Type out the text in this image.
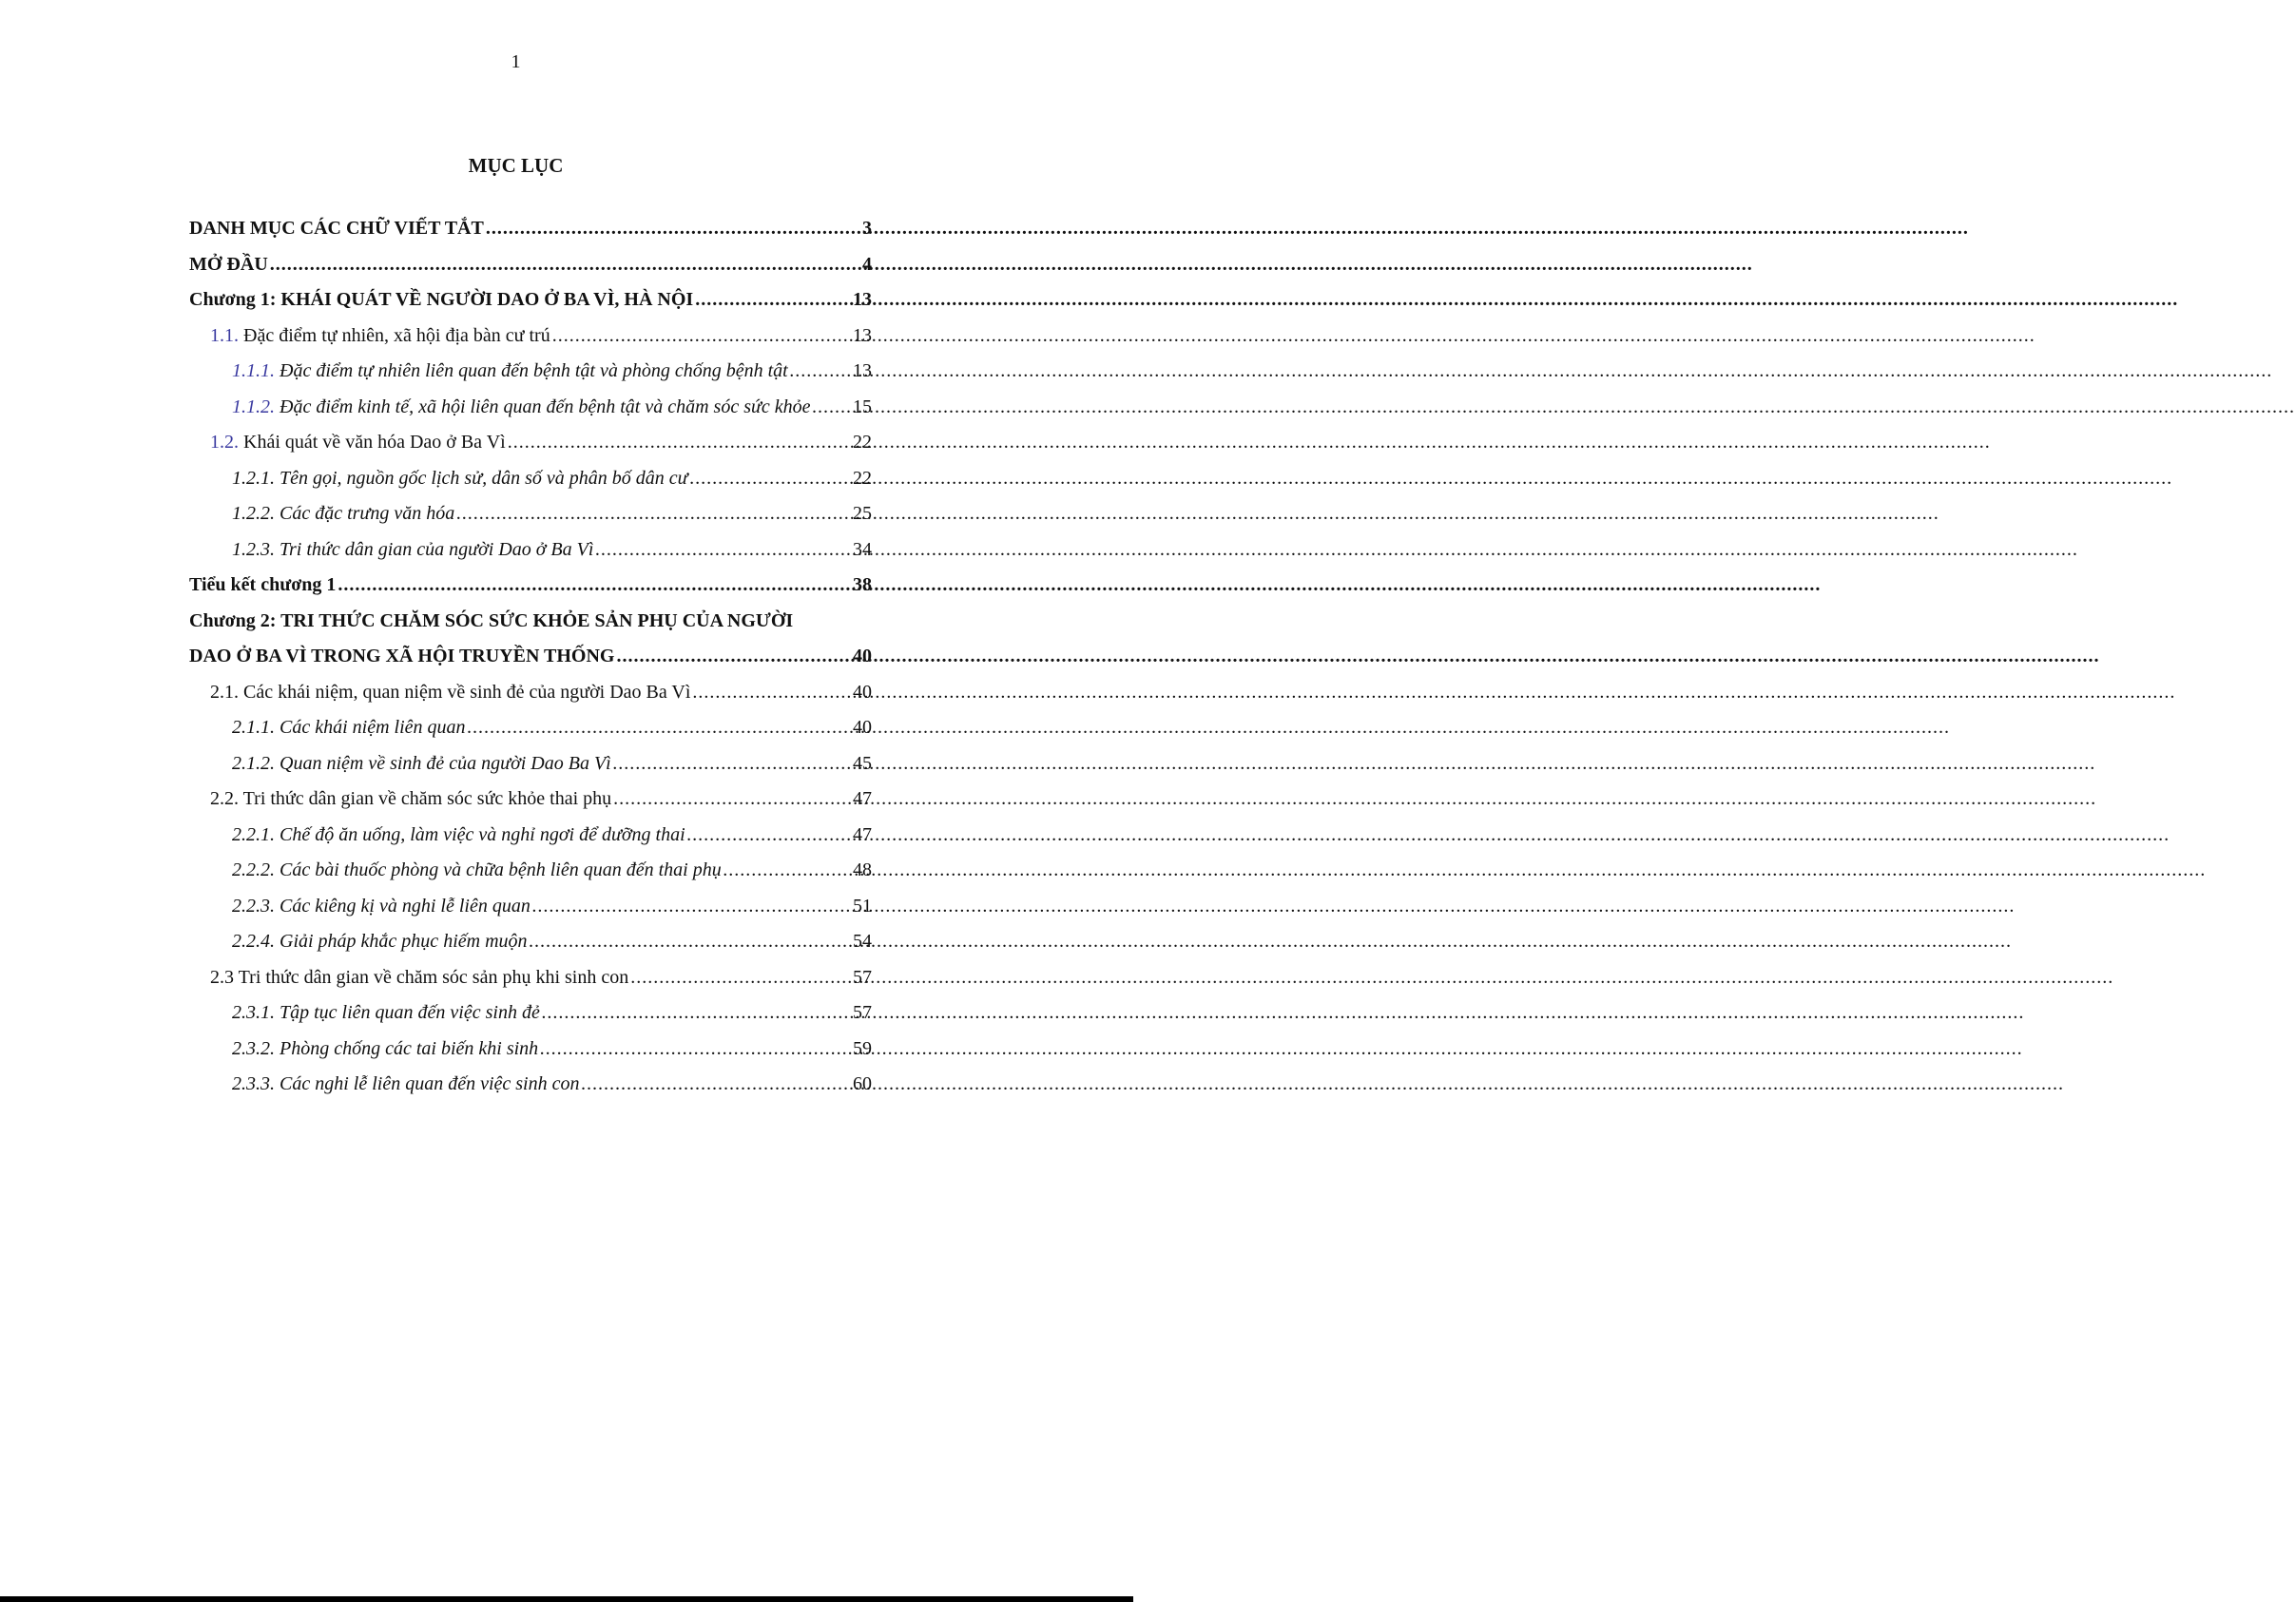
1
MỤC LỤC
DANH MỤC CÁC CHỮ VIẾT TẮT .....	3
MỞ ĐẦU .....	4
Chương 1: KHÁI QUÁT VỀ NGƯỜI DAO Ở BA VÌ, HÀ NỘI .....	13
1.1. Đặc điểm tự nhiên, xã hội địa bàn cư trú .....	13
1.1.1. Đặc điểm tự nhiên liên quan đến bệnh tật và phòng chống bệnh tật .....	13
1.1.2. Đặc điểm kinh tế, xã hội liên quan đến bệnh tật và chăm sóc sức khỏe ..... 15
1.2. Khái quát về văn hóa Dao ở Ba Vì .....	22
1.2.1. Tên gọi, nguồn gốc lịch sử, dân số và phân bố dân cư .....	22
1.2.2. Các đặc trưng văn hóa .....	25
1.2.3. Tri thức dân gian của người Dao ở Ba Vì .....	34
Tiểu kết chương 1 .....	38
Chương 2: TRI THỨC CHĂM SÓC SỨC KHỎE SẢN PHỤ CỦA NGƯỜI
DAO Ở BA VÌ TRONG XÃ HỘI TRUYỀN THỐNG .....	40
2.1. Các khái niệm, quan niệm về sinh đẻ của người Dao Ba Vì .....	40
2.1.1. Các khái niệm liên quan .....	40
2.1.2. Quan niệm về sinh đẻ của người Dao Ba Vì .....	45
2.2. Tri thức dân gian về chăm sóc sức khỏe thai phụ .....	47
2.2.1. Chế độ ăn uống, làm việc và nghỉ ngơi để dưỡng thai .....	47
2.2.2. Các bài thuốc phòng và chữa bệnh liên quan đến thai phụ .....	48
2.2.3. Các kiêng kị và nghi lễ liên quan .....	51
2.2.4. Giải pháp khắc phục hiếm muộn .....	54
2.3 Tri thức dân gian về chăm sóc sản phụ khi sinh con .....	57
2.3.1. Tập tục liên quan đến việc sinh đẻ .....	57
2.3.2. Phòng chống các tai biến khi sinh .....	59
2.3.3. Các nghi lễ liên quan đến việc sinh con .....	60
